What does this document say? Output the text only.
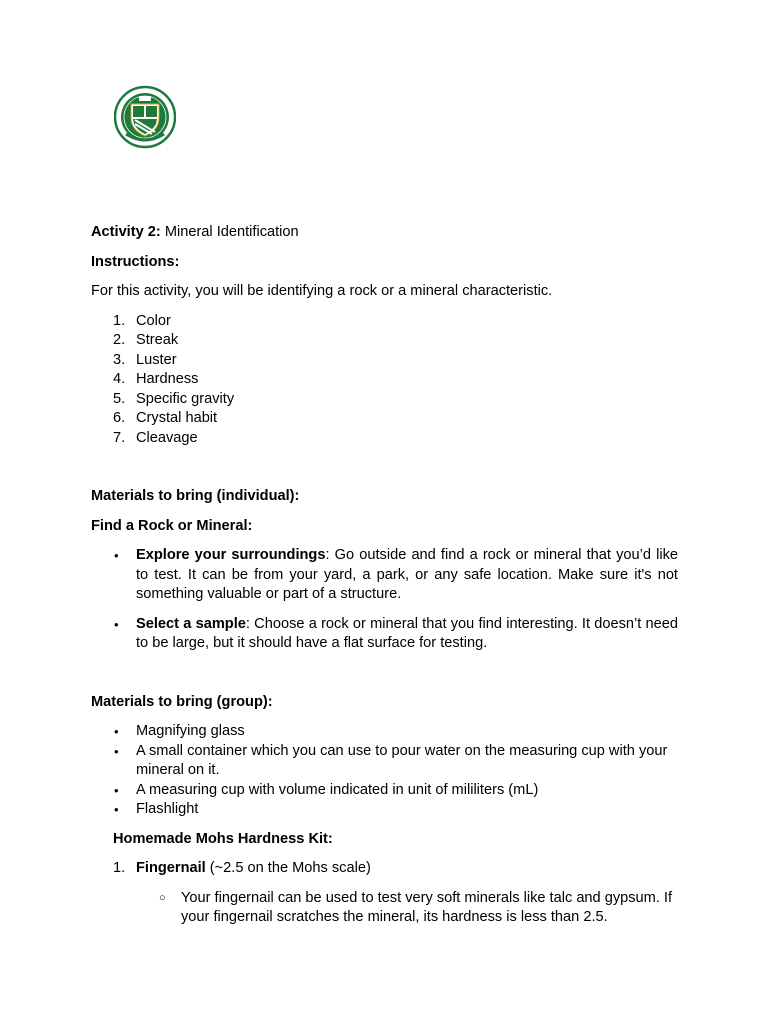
Activity 2: Mineral Identification

Instructions:

For this activity, you will be identifying a rock or a mineral characteristic.

1. Color
2. Streak
3. Luster
4. Hardness
5. Specific gravity
6. Crystal habit
7. Cleavage

Materials to bring (individual):

Find a Rock or Mineral:

• Explore your surroundings: Go outside and find a rock or mineral that you’d like to test. It can be from your yard, a park, or any safe location. Make sure it's not something valuable or part of a structure.
• Select a sample: Choose a rock or mineral that you find interesting. It doesn’t need to be large, but it should have a flat surface for testing.

Materials to bring (group):

• Magnifying glass
• A small container which you can use to pour water on the measuring cup with your mineral on it.
• A measuring cup with volume indicated in unit of mililiters (mL)
• Flashlight

Homemade Mohs Hardness Kit:

1. Fingernail (~2.5 on the Mohs scale)
○ Your fingernail can be used to test very soft minerals like talc and gypsum. If your fingernail scratches the mineral, its hardness is less than 2.5.
